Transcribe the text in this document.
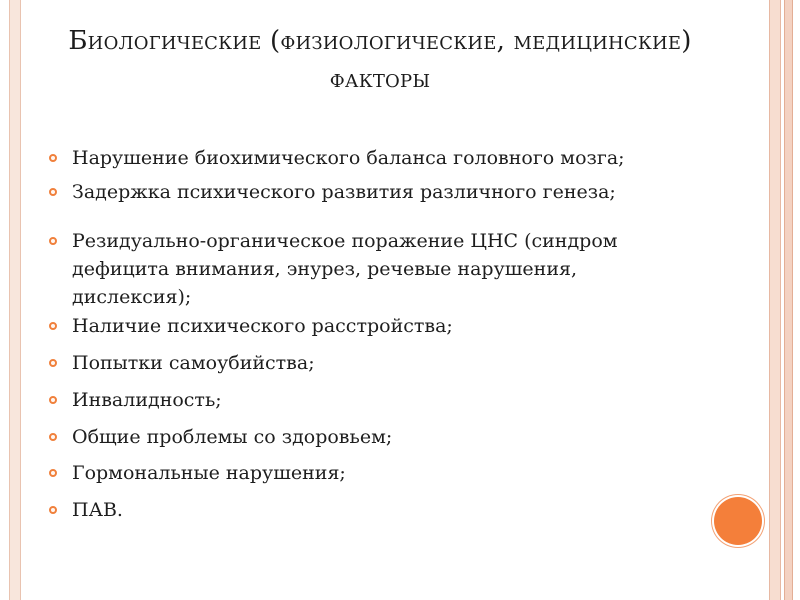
Биологические (физиологические, медицинские) факторы
Нарушение биохимического баланса головного мозга;
Задержка психического развития различного генеза;
Резидуально-органическое поражение ЦНС (синдром дефицита внимания, энурез, речевые нарушения, дислексия);
Наличие психического расстройства;
Попытки самоубийства;
Инвалидность;
Общие проблемы со здоровьем;
Гормональные нарушения;
ПАВ.
